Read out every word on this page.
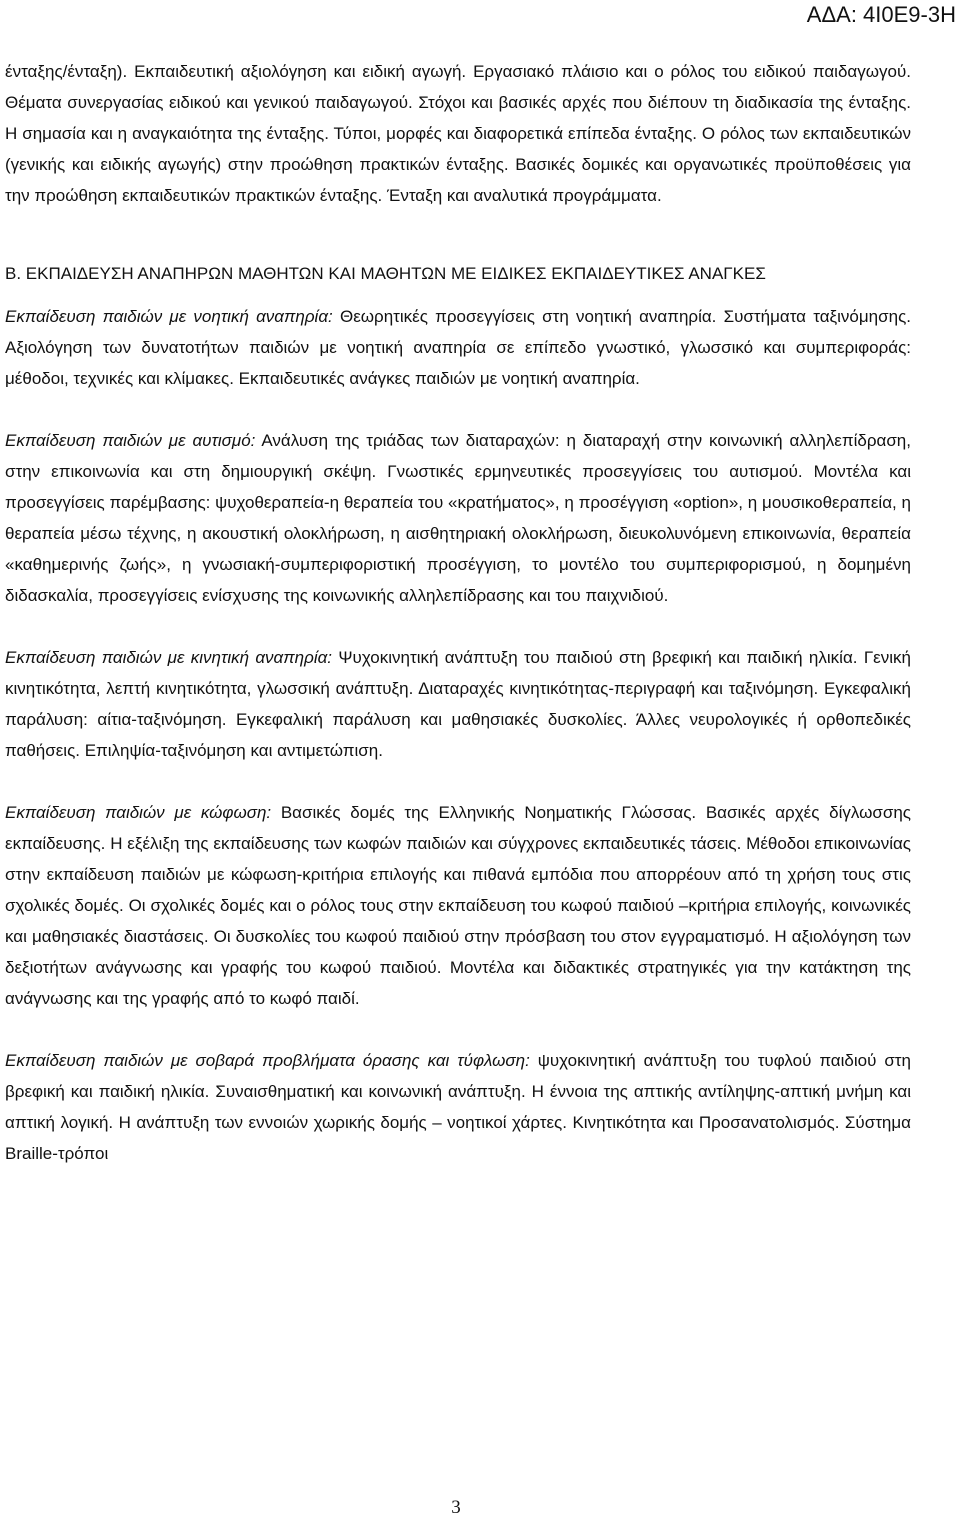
ΑΔΑ: 4Ι0Ε9-3Η

ένταξης/ένταξη). Εκπαιδευτική αξιολόγηση και ειδική αγωγή. Εργασιακό πλάισιο και ο ρόλος του ειδικού παιδαγωγού. Θέματα συνεργασίας ειδικού και γενικού παιδαγωγού. Στόχοι και βασικές αρχές που διέπουν τη διαδικασία της ένταξης. Η σημασία και η αναγκαιότητα της ένταξης. Τύποι, μορφές και διαφορετικά επίπεδα ένταξης. Ο ρόλος των εκπαιδευτικών (γενικής και ειδικής αγωγής) στην προώθηση πρακτικών ένταξης. Βασικές δομικές και οργανωτικές προϋποθέσεις για την προώθηση εκπαιδευτικών πρακτικών ένταξης. Ένταξη και αναλυτικά προγράμματα.

Β. ΕΚΠΑΙΔΕΥΣΗ ΑΝΑΠΗΡΩΝ ΜΑΘΗΤΩΝ ΚΑΙ ΜΑΘΗΤΩΝ ΜΕ ΕΙΔΙΚΕΣ ΕΚΠΑΙΔΕΥΤΙΚΕΣ ΑΝΑΓΚΕΣ

Εκπαίδευση παιδιών με νοητική αναπηρία: Θεωρητικές προσεγγίσεις στη νοητική αναπηρία. Συστήματα ταξινόμησης. Αξιολόγηση των δυνατοτήτων παιδιών με νοητική αναπηρία σε επίπεδο γνωστικό, γλωσσικό και συμπεριφοράς: μέθοδοι, τεχνικές και κλίμακες. Εκπαιδευτικές ανάγκες παιδιών με νοητική αναπηρία.

Εκπαίδευση παιδιών με αυτισμό: Ανάλυση της τριάδας των διαταραχών: η διαταραχή στην κοινωνική αλληλεπίδραση, στην επικοινωνία και στη δημιουργική σκέψη. Γνωστικές ερμηνευτικές προσεγγίσεις του αυτισμού. Μοντέλα και προσεγγίσεις παρέμβασης: ψυχοθεραπεία-η θεραπεία του «κρατήματος», η προσέγγιση «option», η μουσικοθεραπεία, η θεραπεία μέσω τέχνης, η ακουστική ολοκλήρωση, η αισθητηριακή ολοκλήρωση, διευκολυνόμενη επικοινωνία, θεραπεία «καθημερινής ζωής», η γνωσιακή-συμπεριφοριστική προσέγγιση, το μοντέλο του συμπεριφορισμού, η δομημένη διδασκαλία, προσεγγίσεις ενίσχυσης της κοινωνικής αλληλεπίδρασης και του παιχνιδιού.

Εκπαίδευση παιδιών με κινητική αναπηρία: Ψυχοκινητική ανάπτυξη του παιδιού στη βρεφική και παιδική ηλικία. Γενική κινητικότητα, λεπτή κινητικότητα, γλωσσική ανάπτυξη. Διαταραχές κινητικότητας-περιγραφή και ταξινόμηση. Εγκεφαλική παράλυση: αίτια-ταξινόμηση. Εγκεφαλική παράλυση και μαθησιακές δυσκολίες. Άλλες νευρολογικές ή ορθοπεδικές παθήσεις. Επιληψία-ταξινόμηση και αντιμετώπιση.

Εκπαίδευση παιδιών με κώφωση: Βασικές δομές της Ελληνικής Νοηματικής Γλώσσας. Βασικές αρχές δίγλωσσης εκπαίδευσης. Η εξέλιξη της εκπαίδευσης των κωφών παιδιών και σύγχρονες εκπαιδευτικές τάσεις. Μέθοδοι επικοινωνίας στην εκπαίδευση παιδιών με κώφωση-κριτήρια επιλογής και πιθανά εμπόδια που απορρέουν από τη χρήση τους στις σχολικές δομές. Οι σχολικές δομές και ο ρόλος τους στην εκπαίδευση του κωφού παιδιού –κριτήρια επιλογής, κοινωνικές και μαθησιακές διαστάσεις. Οι δυσκολίες του κωφού παιδιού στην πρόσβαση του στον εγγραματισμό. Η αξιολόγηση των δεξιοτήτων ανάγνωσης και γραφής του κωφού παιδιού. Μοντέλα και διδακτικές στρατηγικές για την κατάκτηση της ανάγνωσης και της γραφής από το κωφό παιδί.

Εκπαίδευση παιδιών με σοβαρά προβλήματα όρασης και τύφλωση: ψυχοκινητική ανάπτυξη του τυφλού παιδιού στη βρεφική και παιδική ηλικία. Συναισθηματική και κοινωνική ανάπτυξη. Η έννοια της απτικής αντίληψης-απτική μνήμη και απτική λογική. Η ανάπτυξη των εννοιών χωρικής δομής – νοητικοί χάρτες. Κινητικότητα και Προσανατολισμός. Σύστημα Braille-τρόποι

3
